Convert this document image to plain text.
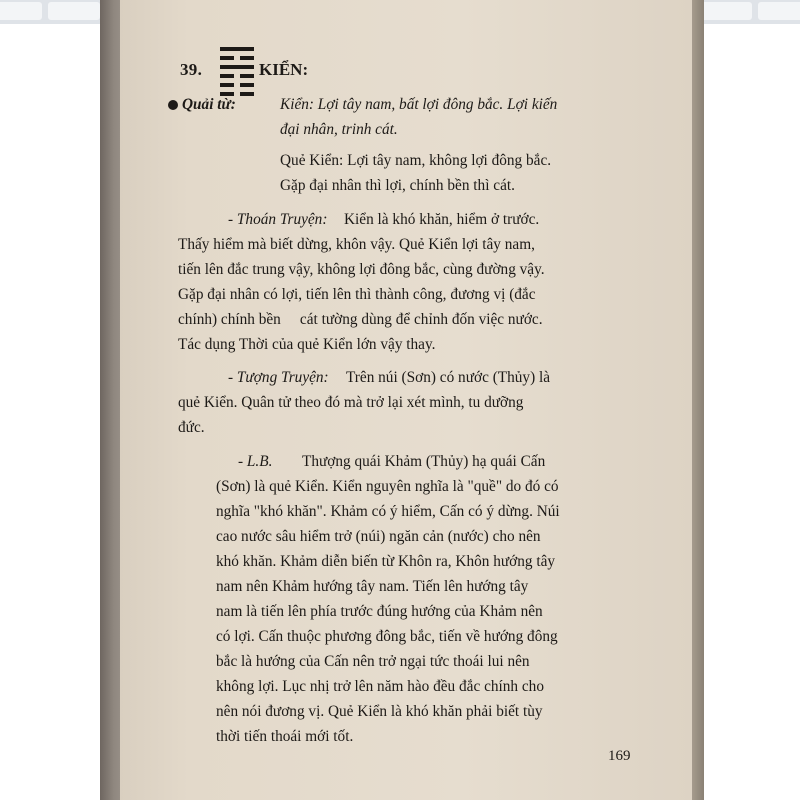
39.	KIỂN:
Quải từ:	Kiển: Lợi tây nam, bất lợi đông bắc. Lợi kiến
đại nhân, trinh cát.
Quẻ Kiển: Lợi tây nam, không lợi đông bắc.
Gặp đại nhân thì lợi, chính bền thì cát.
- Thoán Truyện: Kiển là khó khăn, hiểm ở trước.
Thấy hiểm mà biết dừng, khôn vậy. Quẻ Kiển lợi tây nam,
tiến lên đắc trung vậy, không lợi đông bắc, cùng đường vậy.
Gặp đại nhân có lợi, tiến lên thì thành công, đương vị (đắc
chính) chính bền     cát tường dùng để chỉnh đốn việc nước.
Tác dụng Thời của quẻ Kiển lớn vậy thay.
- Tượng Truyện: Trên núi (Sơn) có nước (Thủy) là
quẻ Kiển. Quân tử theo đó mà trở lại xét mình, tu dưỡng
đức.
- L.B. Thượng quái Khảm (Thủy) hạ quái Cấn
(Sơn) là quẻ Kiển. Kiển nguyên nghĩa là "quề" do đó có
nghĩa "khó khăn". Khảm có ý hiểm, Cấn có ý dừng. Núi
cao nước sâu hiểm trở (núi) ngăn cản (nước) cho nên
khó khăn. Khảm diễn biến từ Khôn ra, Khôn hướng tây
nam nên Khảm hướng tây nam. Tiến lên hướng tây
nam là tiến lên phía trước đúng hướng của Khảm nên
có lợi. Cấn thuộc phương đông bắc, tiến về hướng đông
bắc là hướng của Cấn nên trở ngại tức thoái lui nên
không lợi. Lục nhị trở lên năm hào đều đắc chính cho
nên nói đương vị. Quẻ Kiển là khó khăn phải biết tùy
thời tiến thoái mới tốt.
169
